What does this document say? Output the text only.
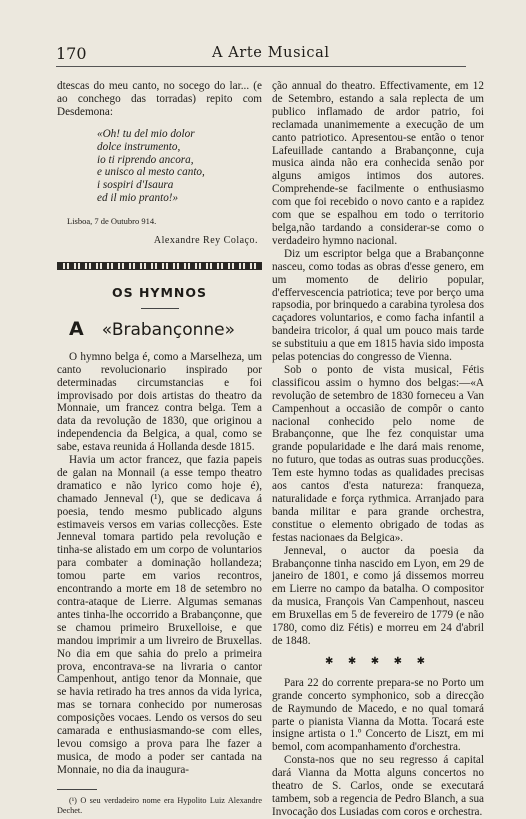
170	A Arte Musical

dtescas do meu canto, no socego do lar... (e ao conchego das torradas) repito com Desdemona:

«Oh! tu del mio dolor
dolce instrumento,
io ti riprendo ancora,
e unisco al mesto canto,
i sospiri d'Isaura
ed il mio pranto!»

Lisboa, 7 de Outubro 914.

Alexandre Rey Colaço.

OS HYMNOS

A «Brabançonne»

O hymno belga é, como a Marselheza, um canto revolucionario inspirado por determinadas circumstancias e foi improvisado por dois artistas do theatro da Monnaie, um francez contra belga. Tem a data da revolução de 1830, que originou a independencia da Belgica, a qual, como se sabe, estava reunida á Hollanda desde 1815.

Havia um actor francez, que fazia papeis de galan na Monnail (a esse tempo theatro dramatico e não lyrico como hoje é), chamado Jenneval (¹), que se dedicava á poesia, tendo mesmo publicado alguns estimaveis versos em varias collecções. Este Jenneval tomara partido pela revolução e tinha-se alistado em um corpo de voluntarios para combater a dominação hollandeza; tomou parte em varios recontros, encontrando a morte em 18 de setembro no contra-ataque de Lierre. Algumas semanas antes tinha-lhe occorrido a Brabançonne, que se chamou primeiro Bruxelloise, e que mandou imprimir a um livreiro de Bruxellas. No dia em que sahia do prelo a primeira prova, encontrava-se na livraria o cantor Campenhout, antigo tenor da Monnaie, que se havia retirado ha tres annos da vida lyrica, mas se tornara conhecido por numerosas composições vocaes. Lendo os versos do seu camarada e enthusiasmando-se com elles, levou comsigo a prova para lhe fazer a musica, de modo a poder ser cantada na Monnaie, no dia da inaugura-

(¹) O seu verdadeiro nome era Hypolito Luiz Alexandre Dechet.

ção annual do theatro. Effectivamente, em 12 de Setembro, estando a sala replecta de um publico inflamado de ardor patrio, foi reclamada unanimemente a execução de um canto patriotico. Apresentou-se então o tenor Lafeuillade cantando a Brabançonne, cuja musica ainda não era conhecida senão por alguns amigos intimos dos autores. Comprehende-se facilmente o enthusiasmo com que foi recebido o novo canto e a rapidez com que se espalhou em todo o territorio belga,não tardando a considerar-se como o verdadeiro hymno nacional.

Diz um escriptor belga que a Brabançonne nasceu, como todas as obras d'esse genero, em um momento de delirio popular, d'effervescencia patriotica; teve por berço uma rapsodia, por brinquedo a carabina tyrolesa dos caçadores voluntarios, e como facha infantil a bandeira tricolor, á qual um pouco mais tarde se substituiu a que em 1815 havia sido imposta pelas potencias do congresso de Vienna.

Sob o ponto de vista musical, Fétis classificou assim o hymno dos belgas:—«A revolução de setembro de 1830 forneceu a Van Campenhout a occasião de compôr o canto nacional conhecido pelo nome de Brabançonne, que lhe fez conquistar uma grande popularidade e lhe dará mais renome, no futuro, que todas as outras suas producções. Tem este hymno todas as qualidades precisas aos cantos d'esta natureza: franqueza, naturalidade e força rythmica. Arranjado para banda militar e para grande orchestra, constitue o elemento obrigado de todas as festas nacionaes da Belgica».

Jenneval, o auctor da poesia da Brabançonne tinha nascido em Lyon, em 29 de janeiro de 1801, e como já dissemos morreu em Lierre no campo da batalha. O compositor da musica, François Van Campenhout, nasceu em Bruxellas em 5 de fevereiro de 1779 (e não 1780, como diz Fétis) e morreu em 24 d'abril de 1848.

✱ ✱ ✱ ✱ ✱

Para 22 do corrente prepara-se no Porto um grande concerto symphonico, sob a direcção de Raymundo de Macedo, e no qual tomará parte o pianista Vianna da Motta. Tocará este insigne artista o 1.º Concerto de Liszt, em mi bemol, com acompanhamento d'orchestra.

Consta-nos que no seu regresso á capital dará Vianna da Motta alguns concertos no theatro de S. Carlos, onde se executará tambem, sob a regencia de Pedro Blanch, a sua Invocação dos Lusiadas com coros e orchestra.
